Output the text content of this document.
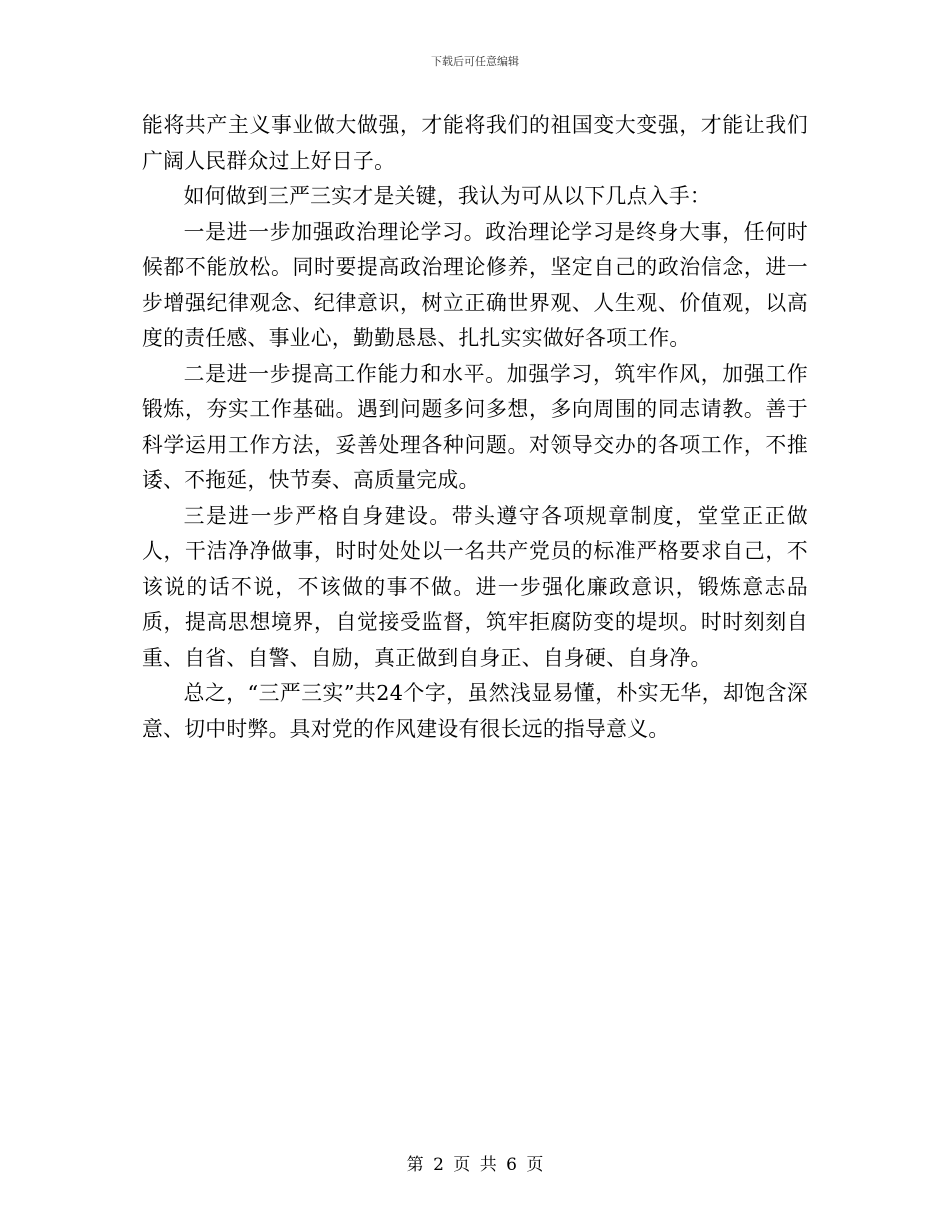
下载后可任意编辑

能将共产主义事业做大做强，才能将我们的祖国变大变强，才能让我们广阔人民群众过上好日子。

如何做到三严三实才是关键，我认为可从以下几点入手：

一是进一步加强政治理论学习。政治理论学习是终身大事，任何时候都不能放松。同时要提高政治理论修养，坚定自己的政治信念，进一步增强纪律观念、纪律意识，树立正确世界观、人生观、价值观，以高度的责任感、事业心，勤勤恳恳、扎扎实实做好各项工作。

二是进一步提高工作能力和水平。加强学习，筑牢作风，加强工作锻炼，夯实工作基础。遇到问题多问多想，多向周围的同志请教。善于科学运用工作方法，妥善处理各种问题。对领导交办的各项工作，不推诿、不拖延，快节奏、高质量完成。

三是进一步严格自身建设。带头遵守各项规章制度，堂堂正正做人，干洁净净做事，时时处处以一名共产党员的标准严格要求自己，不该说的话不说，不该做的事不做。进一步强化廉政意识，锻炼意志品质，提高思想境界，自觉接受监督，筑牢拒腐防变的堤坝。时时刻刻自重、自省、自警、自励，真正做到自身正、自身硬、自身净。

总之，“三严三实”共24个字，虽然浅显易懂，朴实无华，却饱含深意、切中时弊。具对党的作风建设有很长远的指导意义。

第 2 页 共 6 页
